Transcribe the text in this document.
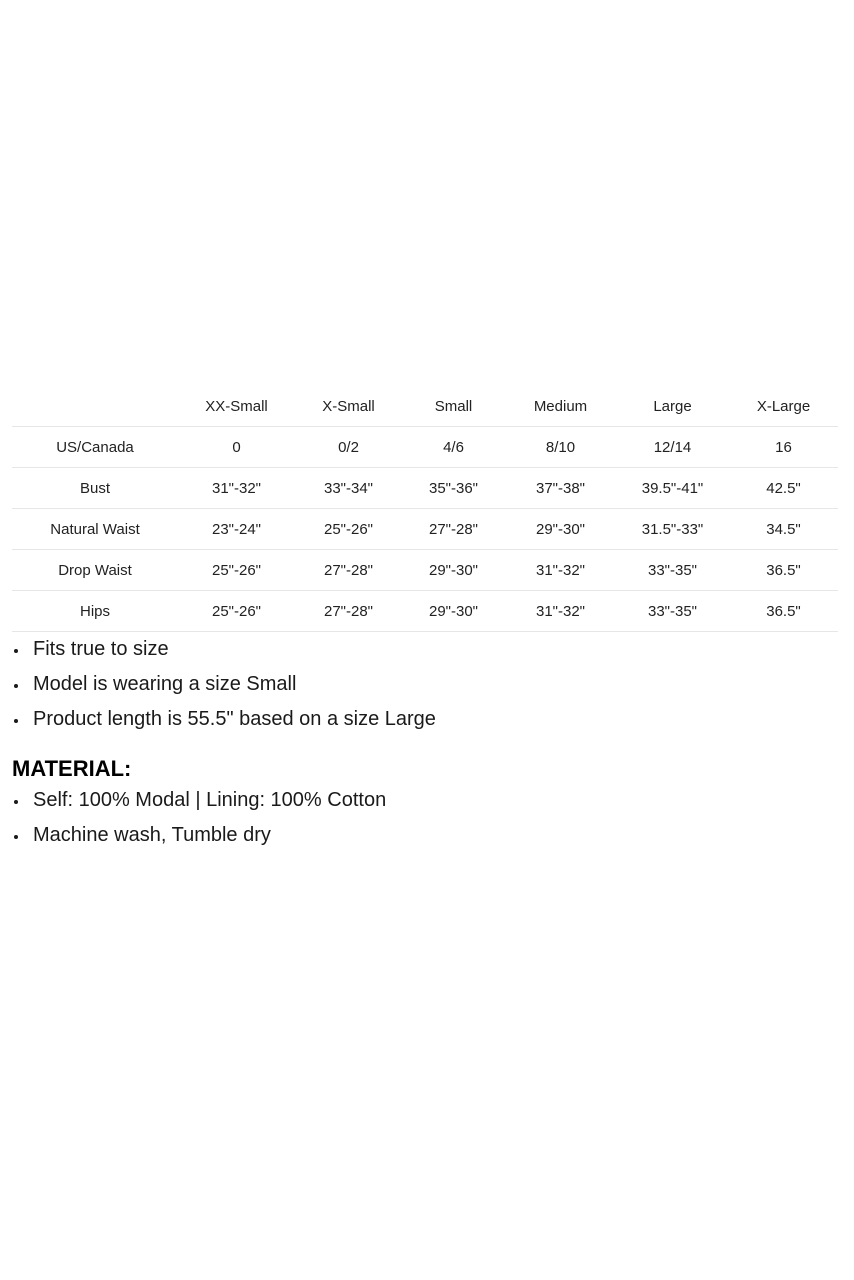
	XX-Small	X-Small	Small	Medium	Large	X-Large
US/Canada	0	0/2	4/6	8/10	12/14	16
Bust	31"-32"	33"-34"	35"-36"	37"-38"	39.5"-41"	42.5"
Natural Waist	23"-24"	25"-26"	27"-28"	29"-30"	31.5"-33"	34.5"
Drop Waist	25"-26"	27"-28"	29"-30"	31"-32"	33"-35"	36.5"
Hips	25"-26"	27"-28"	29"-30"	31"-32"	33"-35"	36.5"
Fits true to size
Model is wearing a size Small
Product length is 55.5" based on a size Large
MATERIAL:
Self: 100% Modal | Lining: 100% Cotton
Machine wash, Tumble dry
